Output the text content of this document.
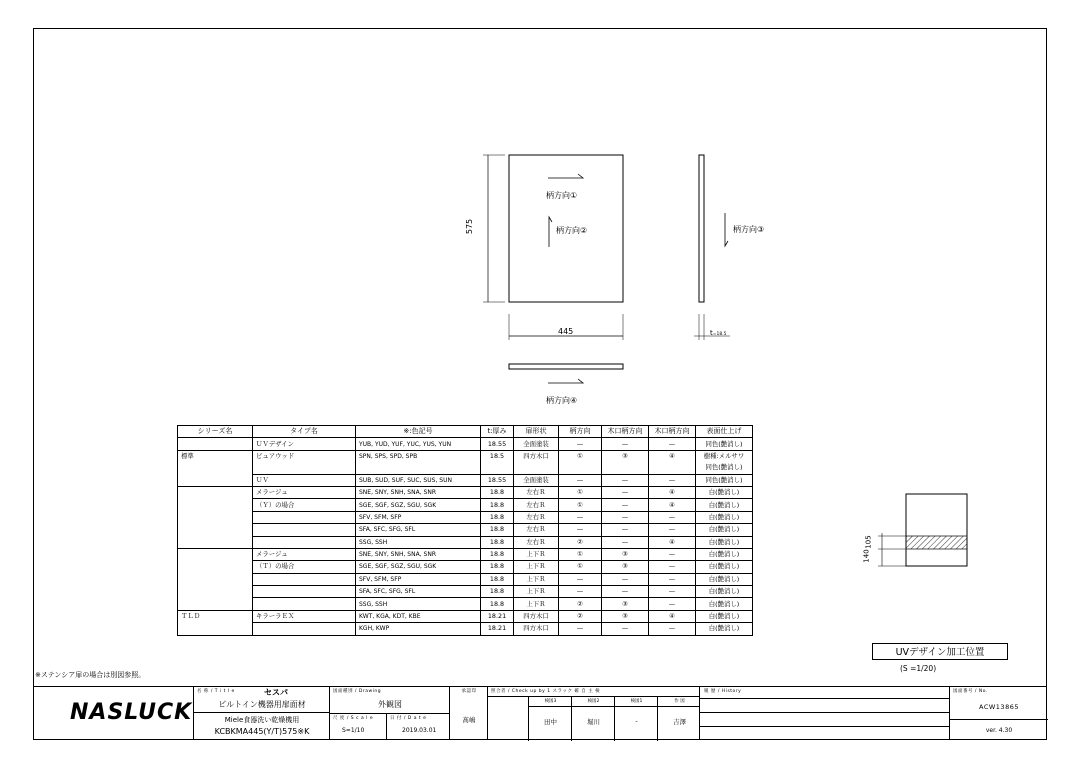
575
445	t=18.5
柄方向①
柄方向②	柄方向③
柄方向④
140
105
UVデザイン加工位置
(S =1/20)
シリーズ名	タイプ名	※:色記号	t:厚み	扉形状	柄方向	木口柄方向	木口柄方向	表面仕上げ
	ＵＶデザイン	YUB, YUD, YUF, YUC, YUS, YUN	18.55	全面塗装	—	—	—	同色(艶消し)
標準	ピュアウッド	SPN, SPS, SPD, SPB	18.5	四方木口	①	③	④	樹種:メルサワ
								同色(艶消し)
	ＵＶ	SUB, SUD, SUF, SUC, SUS, SUN	18.55	全面塗装	—	—	—	同色(艶消し)
	メラージュ	SNE, SNY, SNH, SNA, SNR	18.8	左右Ｒ	①	—	④	白(艶消し)
	（Ｙ）の場合	SGE, SGF, SGZ, SGU, SGK	18.8	左右Ｒ	①	—	④	白(艶消し)
		SFV, SFM, SFP	18.8	左右Ｒ	—	—	—	白(艶消し)
		SFA, SFC, SFG, SFL	18.8	左右Ｒ	—	—	—	白(艶消し)
		SSG, SSH	18.8	左右Ｒ	②	—	④	白(艶消し)
	メラージュ	SNE, SNY, SNH, SNA, SNR	18.8	上下Ｒ	①	③	—	白(艶消し)
	（Ｔ）の場合	SGE, SGF, SGZ, SGU, SGK	18.8	上下Ｒ	①	③	—	白(艶消し)
		SFV, SFM, SFP	18.8	上下Ｒ	—	—	—	白(艶消し)
		SFA, SFC, SFG, SFL	18.8	上下Ｒ	—	—	—	白(艶消し)
		SSG, SSH	18.8	上下Ｒ	②	③	—	白(艶消し)
ＴＬＤ	キラーラＥＸ	KWT, KGA, KDT, KBE	18.21	四方木口	②	③	④	白(艶消し)
		KGH, KWP	18.21	四方木口	—	—	—	白(艶消し)
※ステンシア扉の場合は別図参照。
名 称 / T i t l e	セスパ
ビルトイン機器用扉面材
Miele食器洗い乾燥機用
KCBKMA445(Y/T)575※K
図面種別 / Drawing
外観図
尺 度 / S c a l e
S=1/10
日 付 / D a t e
2019.03.01
承認印
髙嶋
照合者 / Check up by 1 スラック 確 自 主 検
検図3
田中
検図2
堀川
検図1
-
作 図
吉澤
履 歴 / History	図面番号 / No.
ACW13865
ver. 4.30
NASLUCK
